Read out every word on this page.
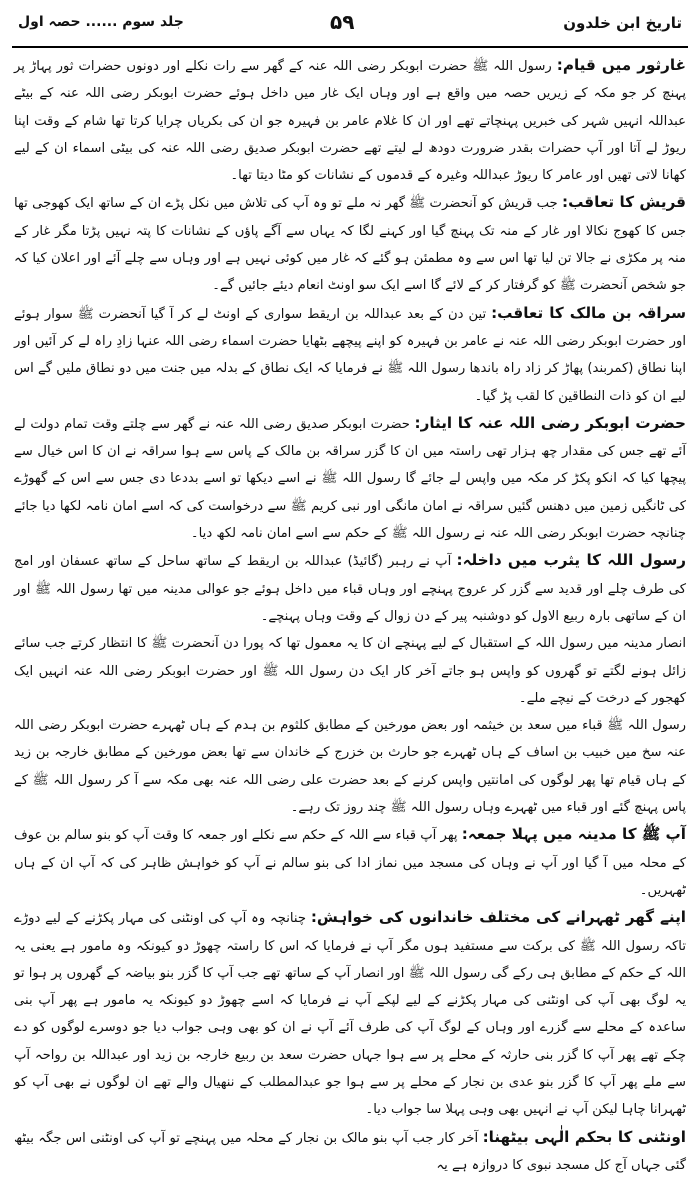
تاریخ ابن خلدون
۵۹
جلد سوم ...... حصہ اول

غارثور میں قیام: رسول اللہ ﷺ حضرت ابوبکر رضی اللہ عنہ کے گھر سے رات نکلے اور دونوں حضرات ثور پہاڑ پر پہنچ کر جو مکہ کے زیریں حصہ میں واقع ہے اور وہاں ایک غار میں داخل ہوئے حضرت ابوبکر رضی اللہ عنہ کے بیٹے عبداللہ انہیں شہر کی خبریں پہنچاتے تھے اور ان کا غلام عامر بن فہیرہ جو ان کی بکریاں چرایا کرتا تھا شام کے وقت اپنا ریوڑ لے آتا اور آپ حضرات بقدر ضرورت دودھ لے لیتے تھے حضرت ابوبکر صدیق رضی اللہ عنہ کی بیٹی اسماء ان کے لیے کھانا لاتی تھیں اور عامر کا ریوڑ عبداللہ وغیرہ کے قدموں کے نشانات کو مٹا دیتا تھا۔

قریش کا تعاقب: جب قریش کو آنحضرت ﷺ گھر نہ ملے تو وہ آپ کی تلاش میں نکل پڑے ان کے ساتھ ایک کھوجی تھا جس کا کھوج نکالا اور غار کے منہ تک پہنچ گیا اور کہنے لگا کہ یہاں سے آگے پاؤں کے نشانات کا پتہ نہیں پڑتا مگر غار کے منہ پر مکڑی نے جالا تن لیا تھا اس سے وہ مطمئن ہو گئے کہ غار میں کوئی نہیں ہے اور وہاں سے چلے آئے اور اعلان کیا کہ جو شخص آنحضرت ﷺ کو گرفتار کر کے لائے گا اسے ایک سو اونٹ انعام دیئے جائیں گے۔

سراقہ بن مالک کا تعاقب: تین دن کے بعد عبداللہ بن اریقط سواری کے اونٹ لے کر آ گیا آنحضرت ﷺ سوار ہوئے اور حضرت ابوبکر رضی اللہ عنہ نے عامر بن فہیرہ کو اپنے پیچھے بٹھایا حضرت اسماء رضی اللہ عنہا زادِ راہ لے کر آئیں اور اپنا نطاق (کمربند) پھاڑ کر زاد راہ باندھا رسول اللہ ﷺ نے فرمایا کہ ایک نطاق کے بدلہ میں جنت میں دو نطاق ملیں گے اس لیے ان کو ذات النطاقین کا لقب پڑ گیا۔

حضرت ابوبکر رضی اللہ عنہ کا ایثار: حضرت ابوبکر صدیق رضی اللہ عنہ نے گھر سے چلتے وقت تمام دولت لے آئے تھے جس کی مقدار چھ ہزار تھی راستہ میں ان کا گزر سراقہ بن مالک کے پاس سے ہوا سراقہ نے ان کا اس خیال سے پیچھا کیا کہ انکو پکڑ کر مکہ میں واپس لے جائے گا رسول اللہ ﷺ نے اسے دیکھا تو اسے بددعا دی جس سے اس کے گھوڑے کی ٹانگیں زمین میں دھنس گئیں سراقہ نے امان مانگی اور نبی کریم ﷺ سے درخواست کی کہ اسے امان نامہ لکھا دیا جائے چنانچہ حضرت ابوبکر رضی اللہ عنہ نے رسول اللہ ﷺ کے حکم سے اسے امان نامہ لکھ دیا۔

رسول اللہ کا یثرب میں داخلہ: آپ نے رہبر (گائیڈ) عبداللہ بن اریقط کے ساتھ ساحل کے ساتھ عسفان اور امج کی طرف چلے اور قدید سے گزر کر عروج پہنچے اور وہاں قباء میں داخل ہوئے جو عوالی مدینہ میں تھا رسول اللہ ﷺ اور ان کے ساتھی بارہ ربیع الاول کو دوشنبہ پیر کے دن زوال کے وقت وہاں پہنچے۔

انصار مدینہ میں رسول اللہ کے استقبال کے لیے پہنچے ان کا یہ معمول تھا کہ پورا دن آنحضرت ﷺ کا انتظار کرتے جب سائے زائل ہونے لگتے تو گھروں کو واپس ہو جاتے آخر کار ایک دن رسول اللہ ﷺ اور حضرت ابوبکر رضی اللہ عنہ انہیں ایک کھجور کے درخت کے نیچے ملے۔

رسول اللہ ﷺ قباء میں سعد بن خیثمہ اور بعض مورخین کے مطابق کلثوم بن ہدم کے ہاں ٹھہرے حضرت ابوبکر رضی اللہ عنہ سخ میں خبیب بن اساف کے ہاں ٹھہرے جو حارث بن خزرج کے خاندان سے تھا بعض مورخین کے مطابق خارجہ بن زید کے ہاں قیام تھا پھر لوگوں کی امانتیں واپس کرنے کے بعد حضرت علی رضی اللہ عنہ بھی مکہ سے آ کر رسول اللہ ﷺ کے پاس پہنچ گئے اور قباء میں ٹھہرے وہاں رسول اللہ ﷺ چند روز تک رہے۔

آپ ﷺ کا مدینہ میں پہلا جمعہ: پھر آپ قباء سے اللہ کے حکم سے نکلے اور جمعہ کا وقت آپ کو بنو سالم بن عوف کے محلہ میں آ گیا اور آپ نے وہاں کی مسجد میں نماز ادا کی بنو سالم نے آپ کو خواہش ظاہر کی کہ آپ ان کے ہاں ٹھہریں۔

اپنے گھر ٹھہرانے کی مختلف خاندانوں کی خواہش: چنانچہ وہ آپ کی اونٹنی کی مہار پکڑنے کے لیے دوڑے تاکہ رسول اللہ ﷺ کی برکت سے مستفید ہوں مگر آپ نے فرمایا کہ اس کا راستہ چھوڑ دو کیونکہ وہ مامور ہے یعنی یہ اللہ کے حکم کے مطابق ہی رکے گی رسول اللہ ﷺ اور انصار آپ کے ساتھ تھے جب آپ کا گزر بنو بیاضہ کے گھروں پر ہوا تو یہ لوگ بھی آپ کی اونٹنی کی مہار پکڑنے کے لیے لپکے آپ نے فرمایا کہ اسے چھوڑ دو کیونکہ یہ مامور ہے پھر آپ بنی ساعدہ کے محلے سے گزرے اور وہاں کے لوگ آپ کی طرف آئے آپ نے ان کو بھی وہی جواب دیا جو دوسرے لوگوں کو دے چکے تھے پھر آپ کا گزر بنی حارثہ کے محلے پر سے ہوا جہاں حضرت سعد بن ربیع خارجہ بن زید اور عبداللہ بن رواحہ آپ سے ملے پھر آپ کا گزر بنو عدی بن نجار کے محلے پر سے ہوا جو عبدالمطلب کے ننھیال والے تھے ان لوگوں نے بھی آپ کو ٹھہرانا چاہا لیکن آپ نے انہیں بھی وہی پہلا سا جواب دیا۔

اونٹنی کا بحکم الٰہی بیٹھنا: آخر کار جب آپ بنو مالک بن نجار کے محلہ میں پہنچے تو آپ کی اونٹنی اس جگہ بیٹھ گئی جہاں آج کل مسجد نبوی کا دروازہ ہے یہ
